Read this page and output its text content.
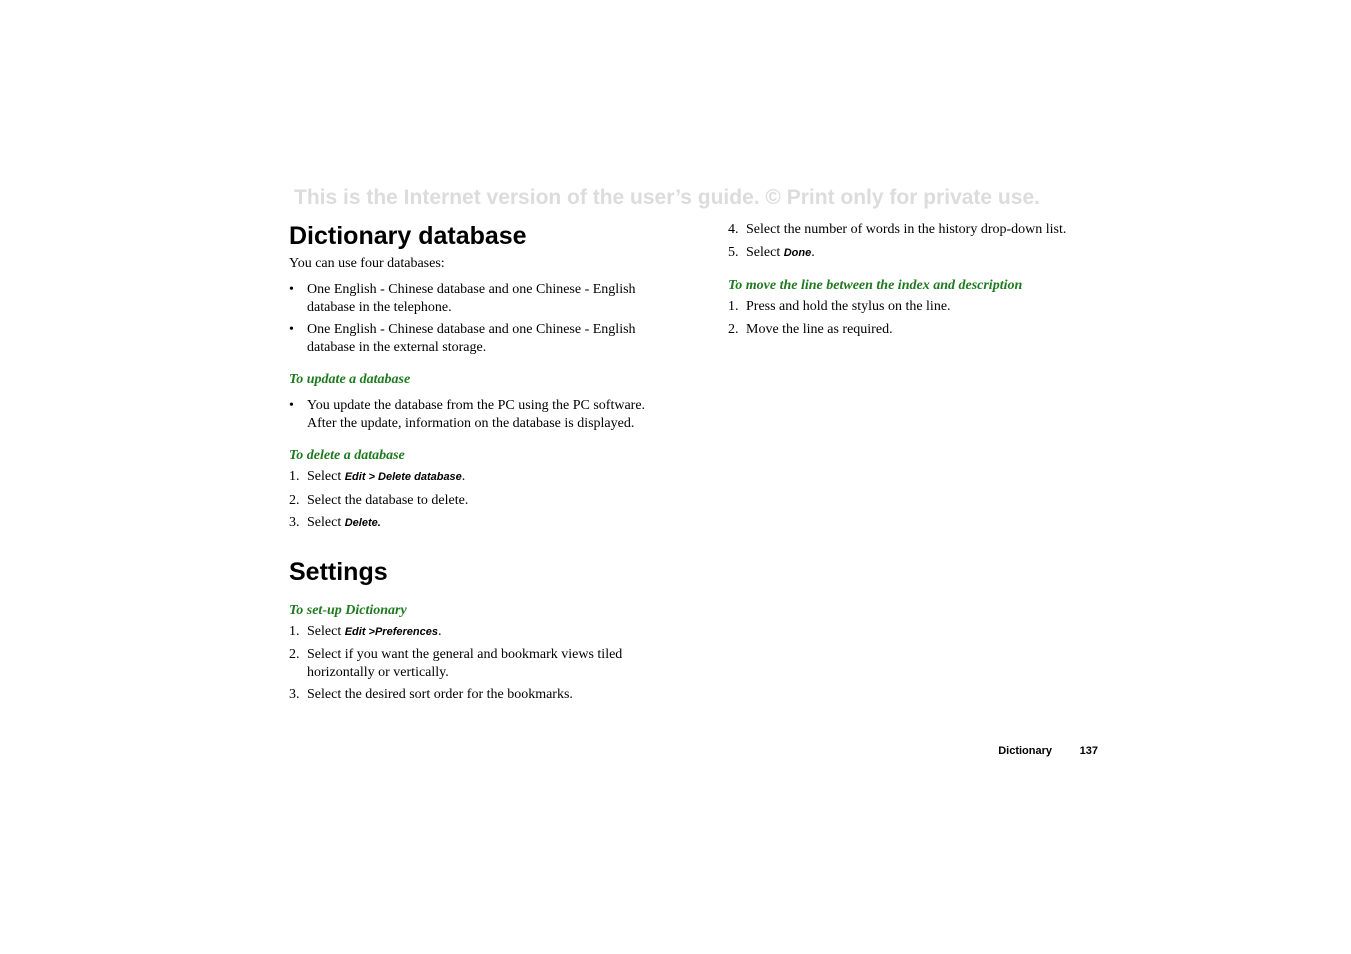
This is the Internet version of the user’s guide. © Print only for private use.
Dictionary database

You can use four databases:

• One English - Chinese database and one Chinese - English database in the telephone.
• One English - Chinese database and one Chinese - English database in the external storage.

To update a database

• You update the database from the PC using the PC software. After the update, information on the database is displayed.

To delete a database

1. Select Edit > Delete database.
2. Select the database to delete.
3. Select Delete.
Settings

To set-up Dictionary

1. Select Edit >Preferences.
2. Select if you want the general and bookmark views tiled horizontally or vertically.
3. Select the desired sort order for the bookmarks.
4. Select the number of words in the history drop-down list.
5. Select Done.

To move the line between the index and description

1. Press and hold the stylus on the line.
2. Move the line as required.
Dictionary	137
